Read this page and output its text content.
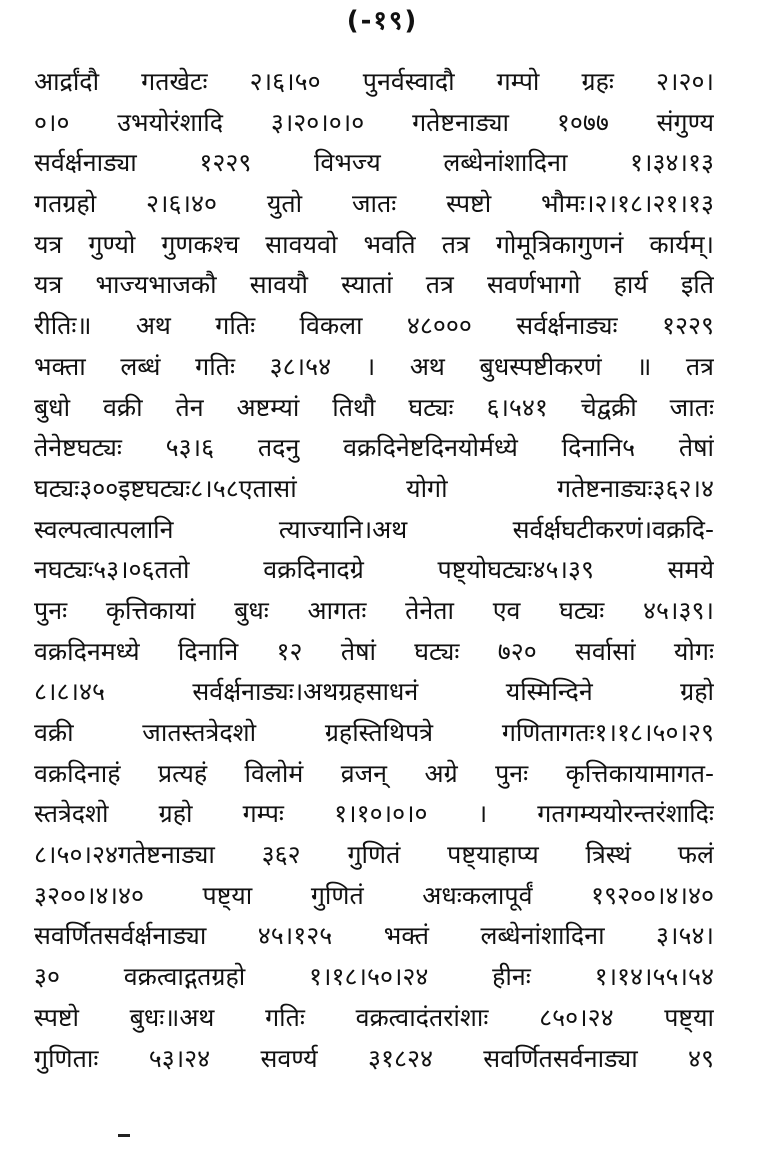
(-१९)
आर्द्रांदौ गतखेटः २।६।५० पुनर्वस्वादौ गम्पो ग्रहः २।२०।
०।० उभयोरंशादि ३।२०।०।० गतेष्टनाड्या १०७७ संगुण्य
सर्वर्क्षनाड्या १२२९ विभज्य लब्धेनांशादिना १।३४।१३
गतग्रहो २।६।४० युतो जातः स्पष्टो भौमः।२।१८।२१।१३
यत्र गुण्यो गुणकश्च सावयवो भवति तत्र गोमूत्रिकागुणनं कार्यम्।
यत्र भाज्यभाजकौ सावयौ स्यातां तत्र सवर्णभागो हार्य इति
रीतिः॥ अथ गतिः विकला ४८००० सर्वर्क्षनाड्यः १२२९
भक्ता लब्धं गतिः ३८।५४ । अथ बुधस्पष्टीकरणं ॥ तत्र
बुधो वक्री तेन अष्टम्यां तिथौ घट्यः ६।५४१ चेद्वक्री जातः
तेनेष्टघट्यः ५३।६ तदनु वक्रदिनेष्टदिनयोर्मध्ये दिनानि५ तेषां
घट्यः३००इष्टघट्यः८।५८एतासां योगो गतेष्टनाड्यः३६२।४
स्वल्पत्वात्पलानि त्याज्यानि।अथ सर्वर्क्षघटीकरणं।वक्रदि-
नघट्यः५३।०६ततो वक्रदिनादग्रे पष्ट्योघट्यः४५।३९ समये
पुनः कृत्तिकायां बुधः आगतः तेनेता एव घट्यः ४५।३९।
वक्रदिनमध्ये दिनानि १२ तेषां घट्यः ७२० सर्वासां योगः
८।८।४५ सर्वर्क्षनाड्यः।अथग्रहसाधनं यस्मिन्दिने ग्रहो
वक्री जातस्तत्रेदशो ग्रहस्तिथिपत्रे गणितागतः१।१८।५०।२९
वक्रदिनाहं प्रत्यहं विलोमं व्रजन् अग्रे पुनः कृत्तिकायामागत-
स्तत्रेदशो ग्रहो गम्पः १।१०।०।० । गतगम्ययोरन्तरंशादिः
८।५०।२४गतेष्टनाड्या ३६२ गुणितं पष्ट्याहाप्य त्रिस्थं फलं
३२००।४।४० पष्ट्या गुणितं अधःकलापूर्वं १९२००।४।४०
सवर्णितसर्वर्क्षनाड्या ४५।१२५ भक्तं लब्धेनांशादिना ३।५४।
३० वक्रत्वाद्गतग्रहो १।१८।५०।२४ हीनः १।१४।५५।५४
स्पष्टो बुधः॥अथ गतिः वक्रत्वादंतरांशाः ८५०।२४ पष्ट्या
गुणिताः ५३।२४ सवर्ण्य ३१८२४ सवर्णितसर्वनाड्या ४९
